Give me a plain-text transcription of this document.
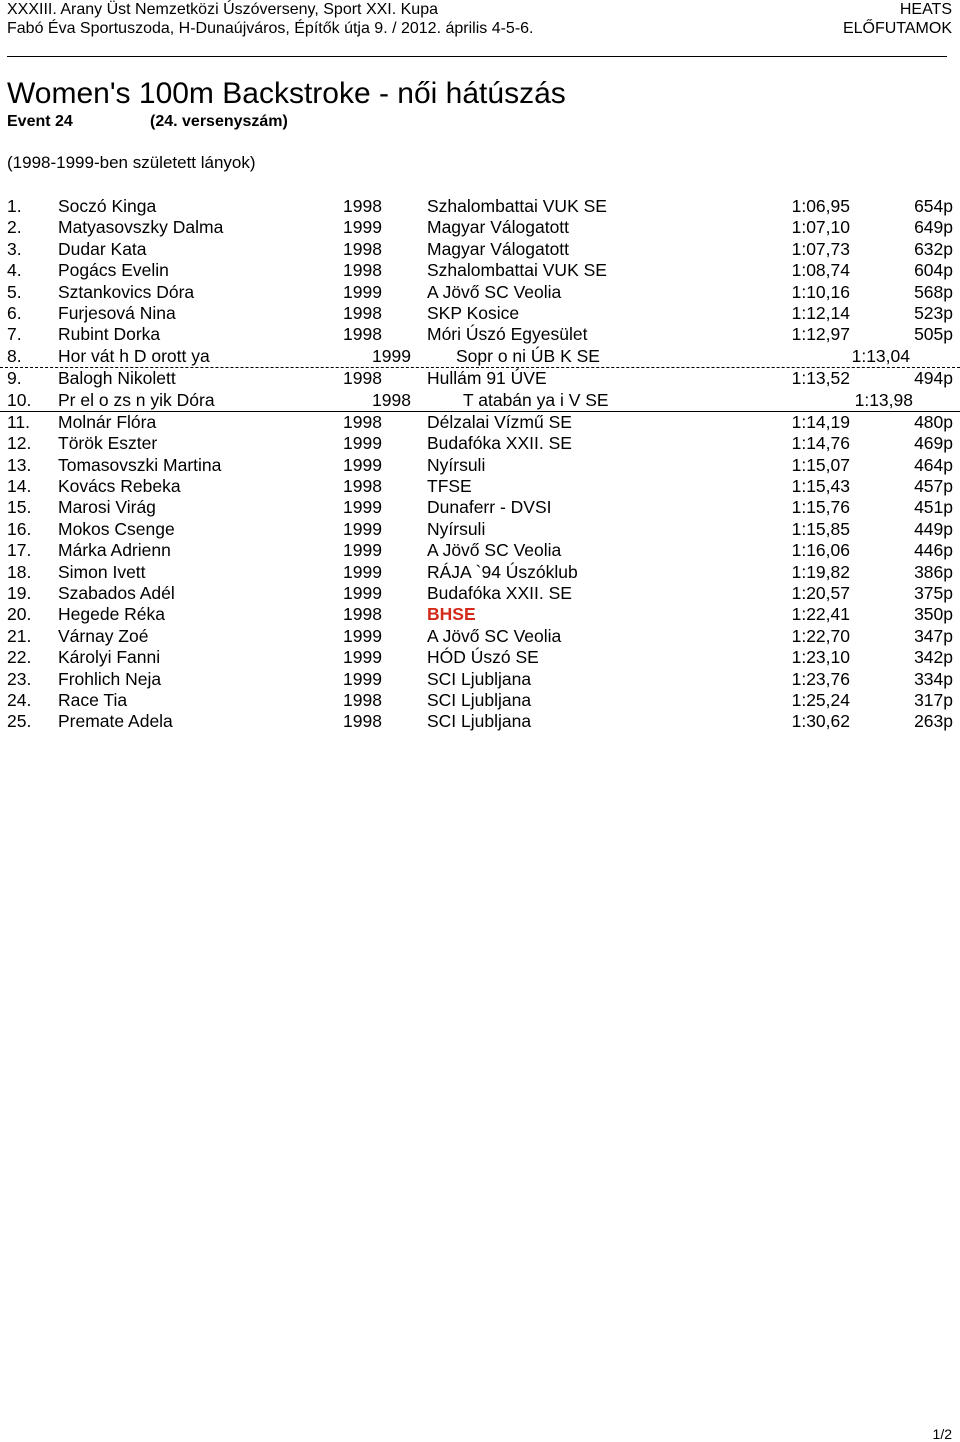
XXXIII. Arany Üst Nemzetközi Úszóverseny, Sport XXI. Kupa
Fabó Éva Sportuszoda, H-Dunaújváros, Építők útja 9. / 2012. április 4-5-6.
HEATS
ELŐFUTAMOK
Women's 100m Backstroke - női hátúszás
Event 24	(24. versenyszám)
(1998-1999-ben született lányok)
1. Soczó Kinga	1998	Szhalombattai VUK SE	1:06,95	654p
2. Matyasovszky Dalma	1999	Magyar Válogatott	1:07,10	649p
3. Dudar Kata	1998	Magyar Válogatott	1:07,73	632p
4. Pogács Evelin	1998	Szhalombattai VUK SE	1:08,74	604p
5. Sztankovics Dóra	1999	A Jövő SC Veolia	1:10,16	568p
6. Furjesová Nina	1998	SKP Kosice	1:12,14	523p
7. Rubint Dorka	1998	Móri Úszó Egyesület	1:12,97	505p
8. Hor vát h D orott ya	1999	Sopr o ni ÚB K SE	1:13,04
9. Balogh Nikolett	1998	Hullám 91 ÚVE	1:13,52	494p
10. Pr el o zs n yik Dóra	1998	T atabán ya i V SE	1:13,98
11. Molnár Flóra	1998	Délzalai Vízmű SE	1:14,19	480p
12. Török Eszter	1999	Budafóka XXII. SE	1:14,76	469p
13. Tomasovszki Martina	1999	Nyírsuli	1:15,07	464p
14. Kovács Rebeka	1998	TFSE	1:15,43	457p
15. Marosi Virág	1999	Dunaferr - DVSI	1:15,76	451p
16. Mokos Csenge	1999	Nyírsuli	1:15,85	449p
17. Márka Adrienn	1999	A Jövő SC Veolia	1:16,06	446p
18. Simon Ivett	1999	RÁJA `94 Úszóklub	1:19,82	386p
19. Szabados Adél	1999	Budafóka XXII. SE	1:20,57	375p
20. Hegede Réka	1998	BHSE	1:22,41	350p
21. Várnay Zoé	1999	A Jövő SC Veolia	1:22,70	347p
22. Károlyi Fanni	1999	HÓD Úszó SE	1:23,10	342p
23. Frohlich Neja	1999	SCI Ljubljana	1:23,76	334p
24. Race Tia	1998	SCI Ljubljana	1:25,24	317p
25. Premate Adela	1998	SCI Ljubljana	1:30,62	263p
1/2
